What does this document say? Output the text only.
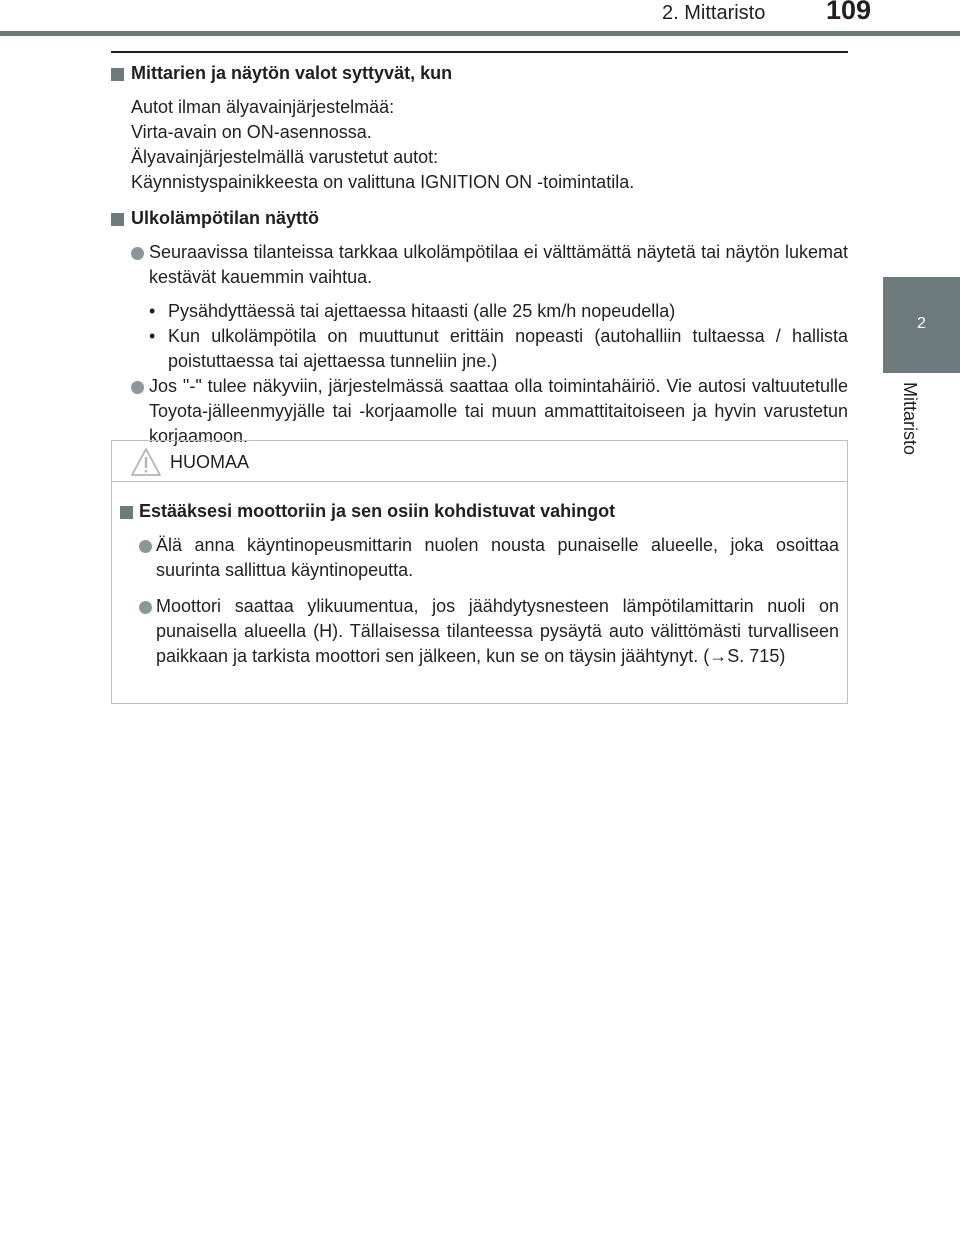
2. Mittaristo 109
2
Mittaristo
Mittarien ja näytön valot syttyvät, kun
Autot ilman älyavainjärjestelmää:
Virta-avain on ON-asennossa.
Älyavainjärjestelmällä varustetut autot:
Käynnistyspainikkeesta on valittuna IGNITION ON -toimintatila.
Ulkolämpötilan näyttö
Seuraavissa tilanteissa tarkkaa ulkolämpötilaa ei välttämättä näytetä tai näytön lukemat kestävät kauemmin vaihtua.
• Pysähdyttäessä tai ajettaessa hitaasti (alle 25 km/h nopeudella)
• Kun ulkolämpötila on muuttunut erittäin nopeasti (autohalliin tultaessa / hallista poistuttaessa tai ajettaessa tunneliin jne.)
Jos "-" tulee näkyviin, järjestelmässä saattaa olla toimintahäiriö. Vie autosi valtuutetulle Toyota-jälleenmyyjälle tai -korjaamolle tai muun ammattitaitoiseen ja hyvin varustetun korjaamoon.
HUOMAA
Estääksesi moottoriin ja sen osiin kohdistuvat vahingot
Älä anna käyntinopeusmittarin nuolen nousta punaiselle alueelle, joka osoittaa suurinta sallittua käyntinopeutta.
Moottori saattaa ylikuumentua, jos jäähdytysnesteen lämpötilamittarin nuoli on punaisella alueella (H). Tällaisessa tilanteessa pysäytä auto välittömästi turvalliseen paikkaan ja tarkista moottori sen jälkeen, kun se on täysin jäähtynyt. (→S. 715)
